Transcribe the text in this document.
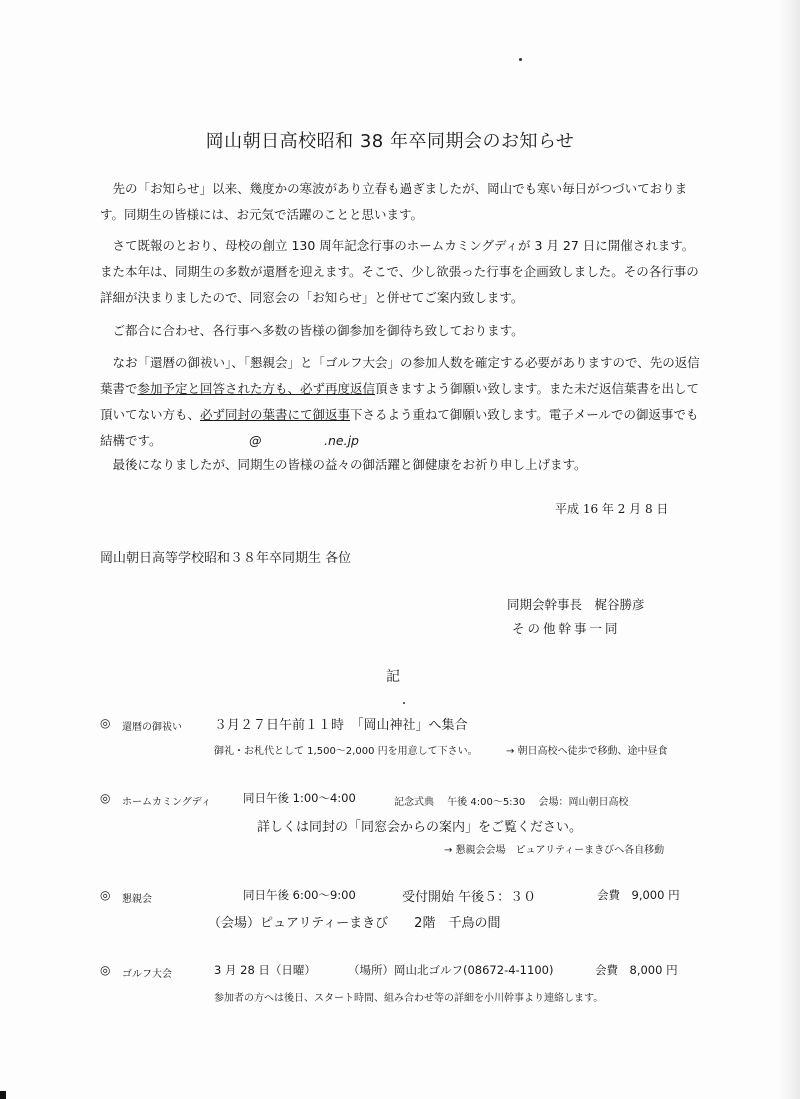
岡山朝日高校昭和 38 年卒同期会のお知らせ
 先の「お知らせ」以来、幾度かの寒波があり立春も過ぎましたが、岡山でも寒い毎日がつづいております。同期生の皆様には、お元気で活躍のことと思います。
 さて既報のとおり、母校の創立 130 周年記念行事のホームカミングディが 3 月 27 日に開催されます。また本年は、同期生の多数が還暦を迎えます。そこで、少し欲張った行事を企画致しました。その各行事の詳細が決まりましたので、同窓会の「お知らせ」と併せてご案内致します。
 ご都合に合わせ、各行事へ多数の皆様の御参加を御待ち致しております。
 なお「還暦の御祓い」、「懇親会」と「ゴルフ大会」の参加人数を確定する必要がありますので、先の返信葉書で参加予定と回答された方も、必ず再度返信頂きますよう御願い致します。また未だ返信葉書を出して頂いてない方も、必ず同封の葉書にて御返事下さるよう重ねて御願い致します。電子メールでの御返事でも結構です。       	@     	.ne.jp
 最後になりましたが、同期生の皆様の益々の御活躍と御健康をお祈り申し上げます。
平成 16 年 2 月 8 日
岡山朝日高等学校昭和３８年卒同期生 各位
同期会幹事長　梶谷勝彦
その他幹事一同
記
◎ 還暦の御祓い ３月２７日午前１１時　「岡山神社」へ集合
御礼・お札代として 1,500～2,000 円を用意して下さい。	→ 朝日高校へ徒歩で移動、途中昼食
◎ ホームカミングディ	同日午後 1:00～4:00	記念式典　 午後 4:00～5:30　 会場：岡山朝日高校
詳しくは同封の「同窓会からの案内」をご覧ください。
→ 懇親会会場　ピュアリティーまきびへ各自移動
◎ 懇親会	同日午後 6:00～9:00	受付開始 午後５：３０	会費　9,000 円
（会場）ピュアリティーまきび　　2階　千鳥の間
◎ ゴルフ大会	3 月 28 日（日曜）	（場所）岡山北ゴルフ(08672-4-1100)	会費　8,000 円
参加者の方へは後日、スタート時間、組み合わせ等の詳細を小川幹事より連絡します。
